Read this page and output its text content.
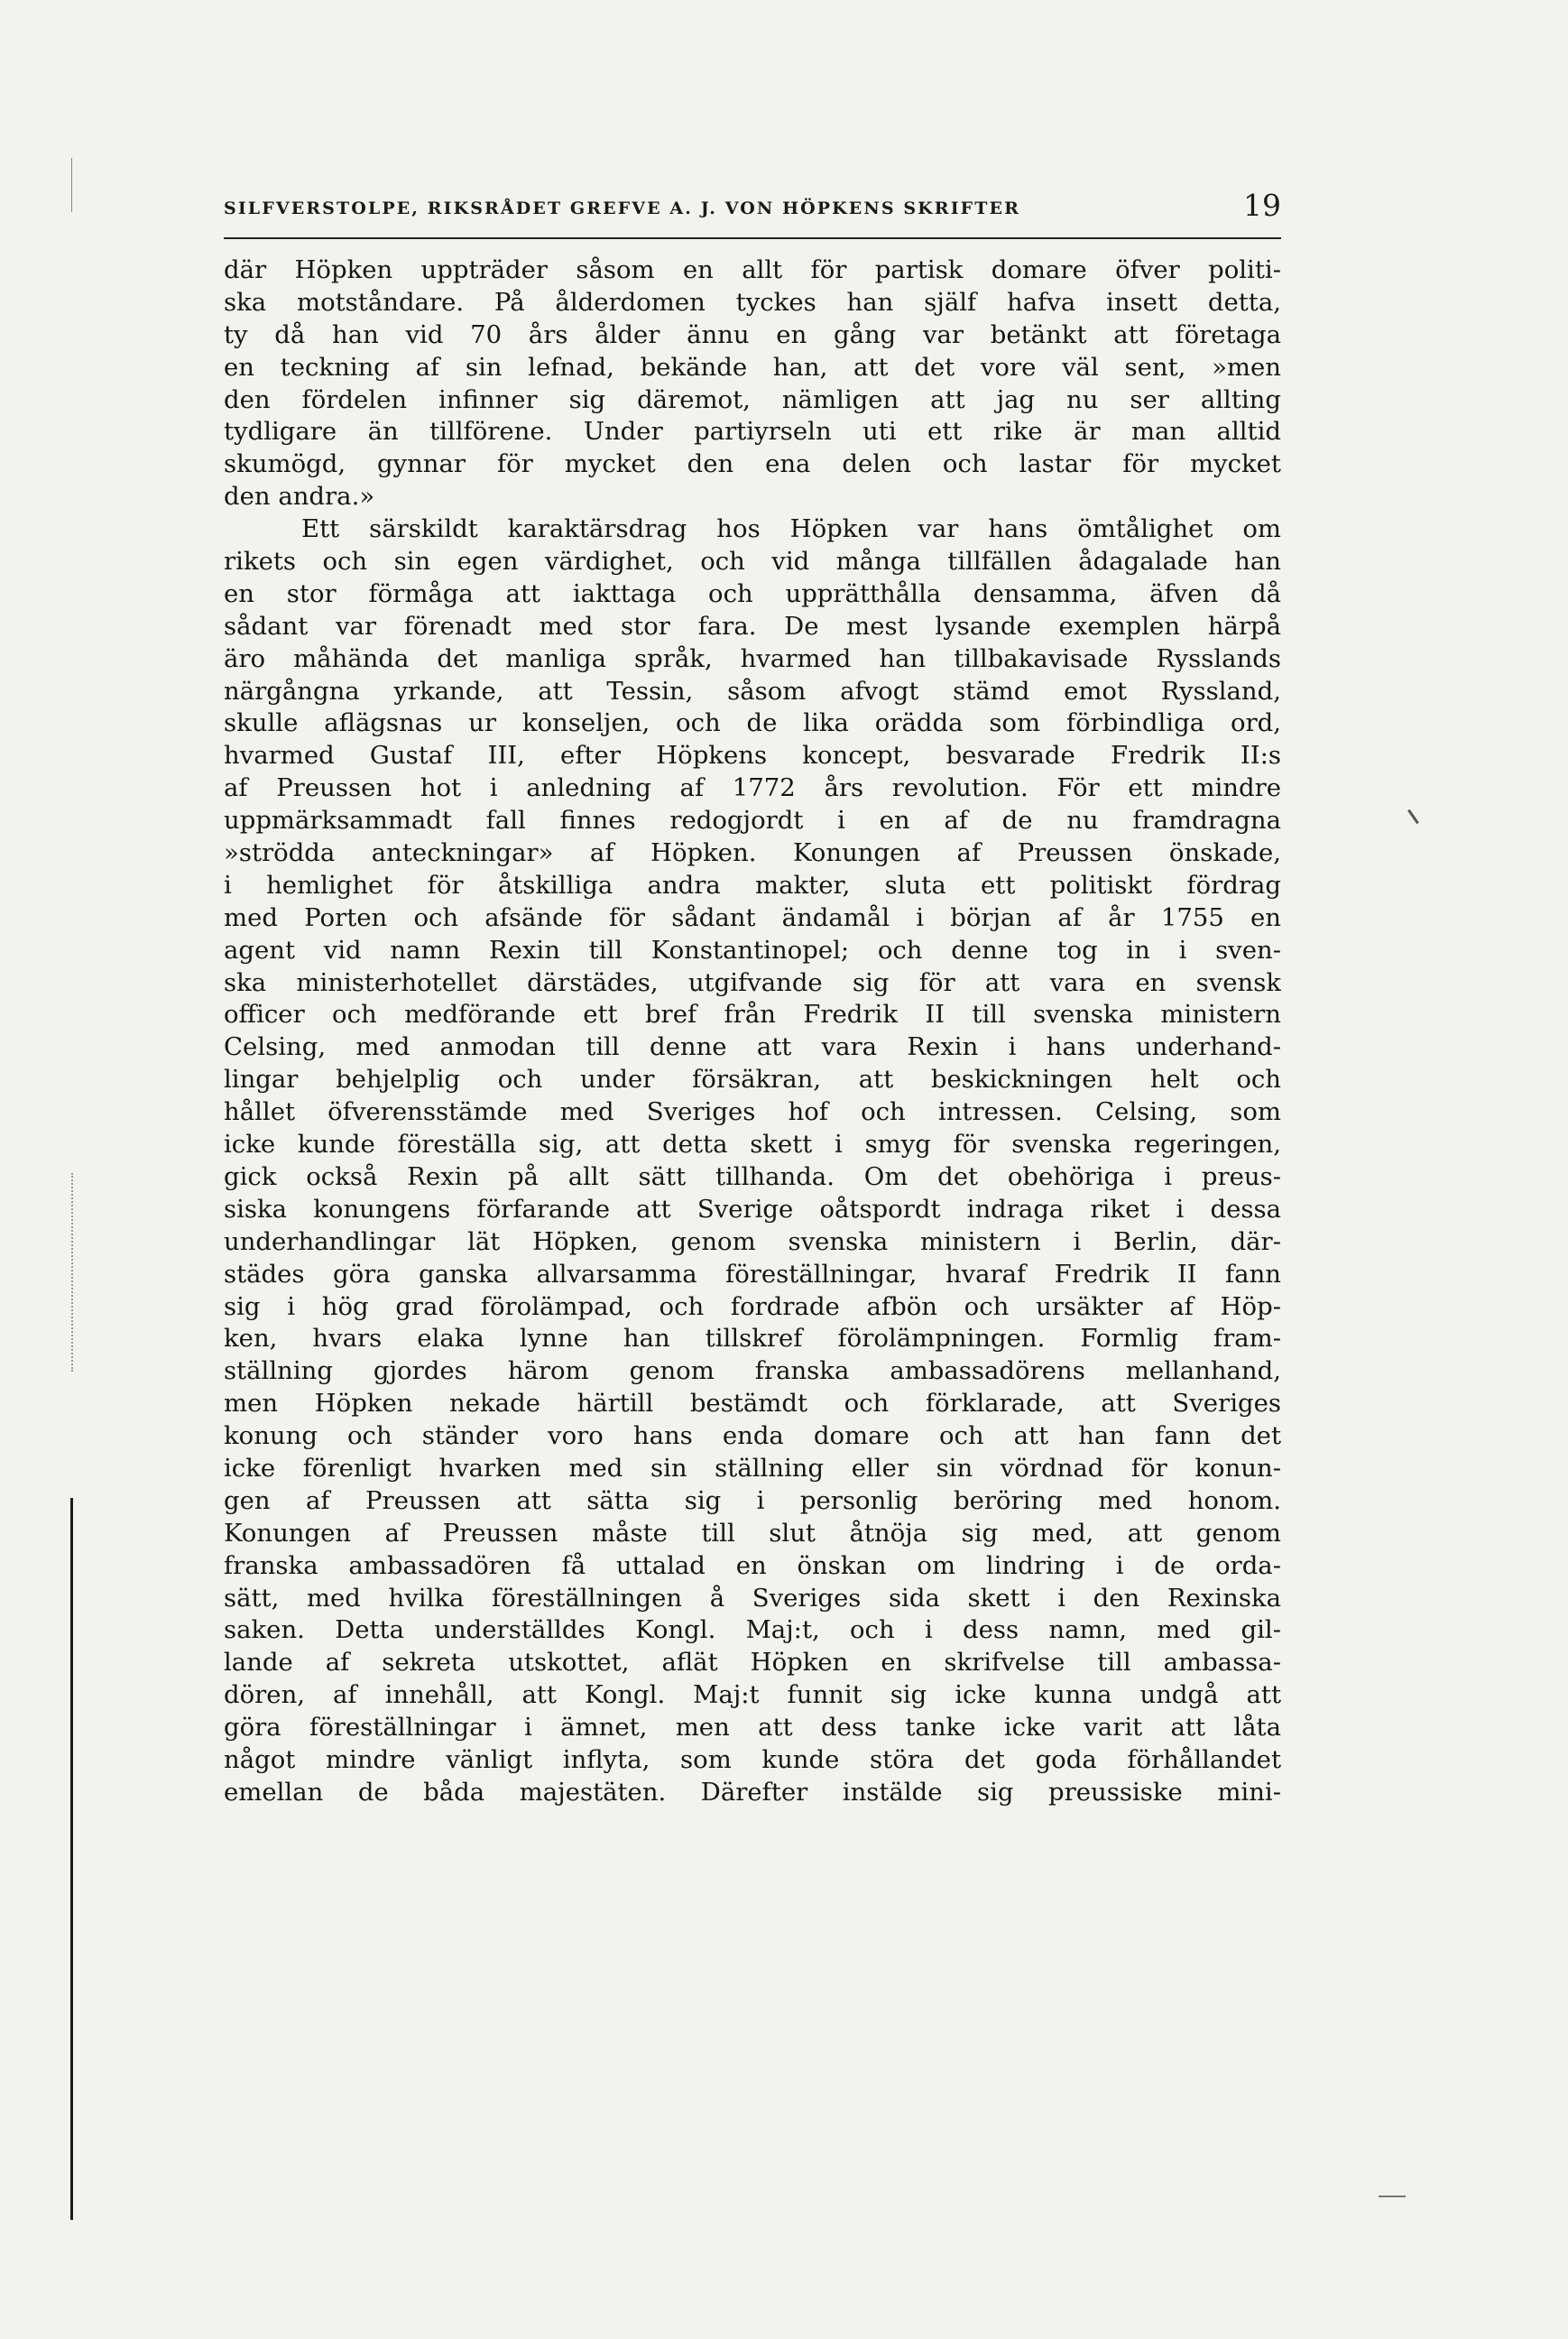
SILFVERSTOLPE, RIKSRÅDET GREFVE A. J. VON HÖPKENS SKRIFTER	19
där Höpken uppträder såsom en allt för partisk domare öfver politi-
ska motståndare. På ålderdomen tyckes han själf hafva insett detta,
ty då han vid 70 års ålder ännu en gång var betänkt att företaga
en teckning af sin lefnad, bekände han, att det vore väl sent, »men
den fördelen infinner sig däremot, nämligen att jag nu ser allting
tydligare än tillförene. Under partiyrseln uti ett rike är man alltid
skumögd, gynnar för mycket den ena delen och lastar för mycket
den andra.»
Ett särskildt karaktärsdrag hos Höpken var hans ömtålighet om
rikets och sin egen värdighet, och vid många tillfällen ådagalade han
en stor förmåga att iakttaga och upprätthålla densamma, äfven då
sådant var förenadt med stor fara. De mest lysande exemplen härpå
äro måhända det manliga språk, hvarmed han tillbakavisade Rysslands
närgångna yrkande, att Tessin, såsom afvogt stämd emot Ryssland,
skulle aflägsnas ur konseljen, och de lika orädda som förbindliga ord,
hvarmed Gustaf III, efter Höpkens koncept, besvarade Fredrik II:s
af Preussen hot i anledning af 1772 års revolution. För ett mindre
uppmärksammadt fall finnes redogjordt i en af de nu framdragna
»strödda anteckningar» af Höpken. Konungen af Preussen önskade,
i hemlighet för åtskilliga andra makter, sluta ett politiskt fördrag
med Porten och afsände för sådant ändamål i början af år 1755 en
agent vid namn Rexin till Konstantinopel; och denne tog in i sven-
ska ministerhotellet därstädes, utgifvande sig för att vara en svensk
officer och medförande ett bref från Fredrik II till svenska ministern
Celsing, med anmodan till denne att vara Rexin i hans underhand-
lingar behjelplig och under försäkran, att beskickningen helt och
hållet öfverensstämde med Sveriges hof och intressen. Celsing, som
icke kunde föreställa sig, att detta skett i smyg för svenska regeringen,
gick också Rexin på allt sätt tillhanda. Om det obehöriga i preus-
siska konungens förfarande att Sverige oåtspordt indraga riket i dessa
underhandlingar lät Höpken, genom svenska ministern i Berlin, där-
städes göra ganska allvarsamma föreställningar, hvaraf Fredrik II fann
sig i hög grad förolämpad, och fordrade afbön och ursäkter af Höp-
ken, hvars elaka lynne han tillskref förolämpningen. Formlig fram-
ställning gjordes härom genom franska ambassadörens mellanhand,
men Höpken nekade härtill bestämdt och förklarade, att Sveriges
konung och ständer voro hans enda domare och att han fann det
icke förenligt hvarken med sin ställning eller sin vördnad för konun-
gen af Preussen att sätta sig i personlig beröring med honom.
Konungen af Preussen måste till slut åtnöja sig med, att genom
franska ambassadören få uttalad en önskan om lindring i de orda-
sätt, med hvilka föreställningen å Sveriges sida skett i den Rexinska
saken. Detta underställdes Kongl. Maj:t, och i dess namn, med gil-
lande af sekreta utskottet, aflät Höpken en skrifvelse till ambassa-
dören, af innehåll, att Kongl. Maj:t funnit sig icke kunna undgå att
göra föreställningar i ämnet, men att dess tanke icke varit att låta
något mindre vänligt inflyta, som kunde störa det goda förhållandet
emellan de båda majestäten. Därefter instälde sig preussiske mini-
